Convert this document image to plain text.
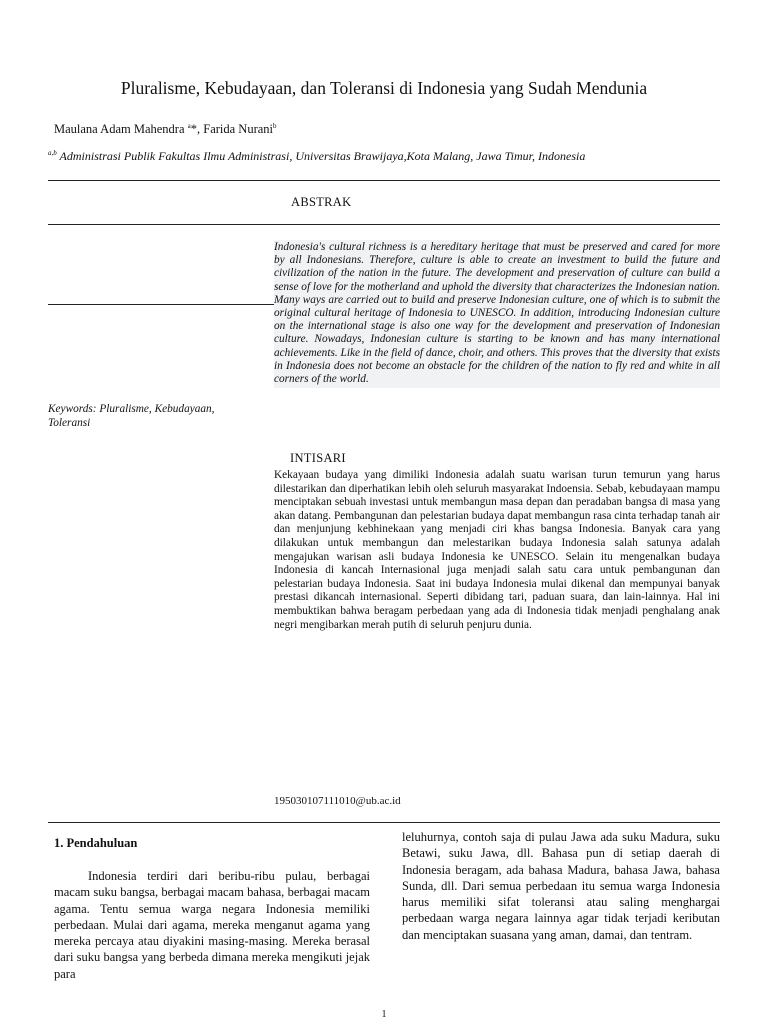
Pluralisme, Kebudayaan, dan Toleransi di Indonesia yang Sudah Mendunia
Maulana Adam Mahendra $^a$*, Farida Nurani$^b$
$^{a,b}$ Administrasi Publik Fakultas Ilmu Administrasi, Universitas Brawijaya,Kota Malang, Jawa Timur, Indonesia
ABSTRAK

Indonesia's cultural richness is a hereditary heritage that must be preserved and cared for more by all Indonesians. Therefore, culture is able to create an investment to build the future and civilization of the nation in the future. The development and preservation of culture can build a sense of love for the motherland and uphold the diversity that characterizes the Indonesian nation. Many ways are carried out to build and preserve Indonesian culture, one of which is to submit the original cultural heritage of Indonesia to UNESCO. In addition, introducing Indonesian culture on the international stage is also one way for the development and preservation of Indonesian culture. Nowadays, Indonesian culture is starting to be known and has many international achievements. Like in the field of dance, choir, and others. This proves that the diversity that exists in Indonesia does not become an obstacle for the children of the nation to fly red and white in all corners of the world.

Keywords: Pluralisme, Kebudayaan, Toleransi
INTISARI

Kekayaan budaya yang dimiliki Indonesia adalah suatu warisan turun temurun yang harus dilestarikan dan diperhatikan lebih oleh seluruh masyarakat Indoensia. Sebab, kebudayaan mampu menciptakan sebuah investasi untuk membangun masa depan dan peradaban bangsa di masa yang akan datang. Pembangunan dan pelestarian budaya dapat membangun rasa cinta terhadap tanah air dan menjunjung kebhinekaan yang menjadi ciri khas bangsa Indonesia. Banyak cara yang dilakukan untuk membangun dan melestarikan budaya Indonesia salah satunya adalah mengajukan warisan asli budaya Indonesia ke UNESCO. Selain itu mengenalkan budaya Indonesia di kancah Internasional juga menjadi salah satu cara untuk pembangunan dan pelestarian budaya Indonesia. Saat ini budaya Indonesia mulai dikenal dan mempunyai banyak prestasi dikancah internasional. Seperti dibidang tari, paduan suara, dan lain-lainnya. Hal ini membuktikan bahwa beragam perbedaan yang ada di Indonesia tidak menjadi penghalang anak negri mengibarkan merah putih di seluruh penjuru dunia.

195030107111010@ub.ac.id
1. Pendahuluan

Indonesia terdiri dari beribu-ribu pulau, berbagai macam suku bangsa, berbagai macam bahasa, berbagai macam agama. Tentu semua warga negara Indonesia memiliki perbedaan. Mulai dari agama, mereka menganut agama yang mereka percaya atau diyakini masing-masing. Mereka berasal dari suku bangsa yang berbeda dimana mereka mengikuti jejak para

leluhurnya, contoh saja di pulau Jawa ada suku Madura, suku Betawi, suku Jawa, dll. Bahasa pun di setiap daerah di Indonesia beragam, ada bahasa Madura, bahasa Jawa, bahasa Sunda, dll. Dari semua perbedaan itu semua warga Indonesia harus memiliki sifat toleransi atau saling menghargai perbedaan warga negara lainnya agar tidak terjadi keributan dan menciptakan suasana yang aman, damai, dan tentram.

1
